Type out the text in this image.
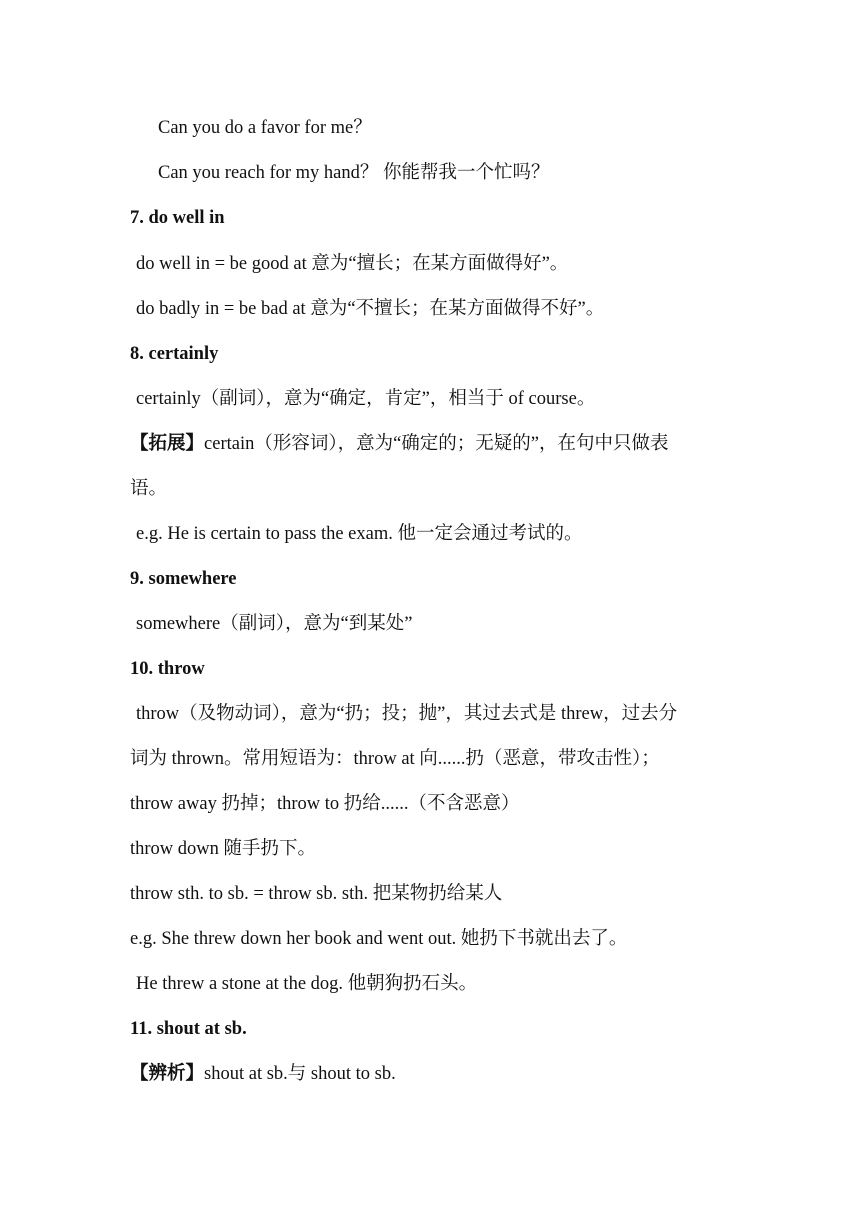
Can you do a favor for me？
Can you reach for my hand？ 你能帮我一个忙吗？
7. do well in
do well in = be good at 意为“擅长；在某方面做得好”。
do badly in = be bad at 意为“不擅长；在某方面做得不好”。
8. certainly
certainly（副词），意为“确定，肯定”，相当于 of course。
【拓展】certain（形容词），意为“确定的；无疑的”，在句中只做表
语。
e.g. He is certain to pass the exam. 他一定会通过考试的。
9. somewhere
somewhere（副词），意为“到某处”
10. throw
throw（及物动词），意为“扔；投；抛”，其过去式是 threw，过去分
词为 thrown。常用短语为：throw at 向......扔（恶意，带攻击性）；
throw away 扔掉；throw to 扔给......（不含恶意）
throw down 随手扔下。
throw sth. to sb. = throw sb. sth. 把某物扔给某人
e.g. She threw down her book and went out. 她扔下书就出去了。
He threw a stone at the dog. 他朝狗扔石头。
11. shout at sb.
【辨析】shout at sb.与 shout to sb.
